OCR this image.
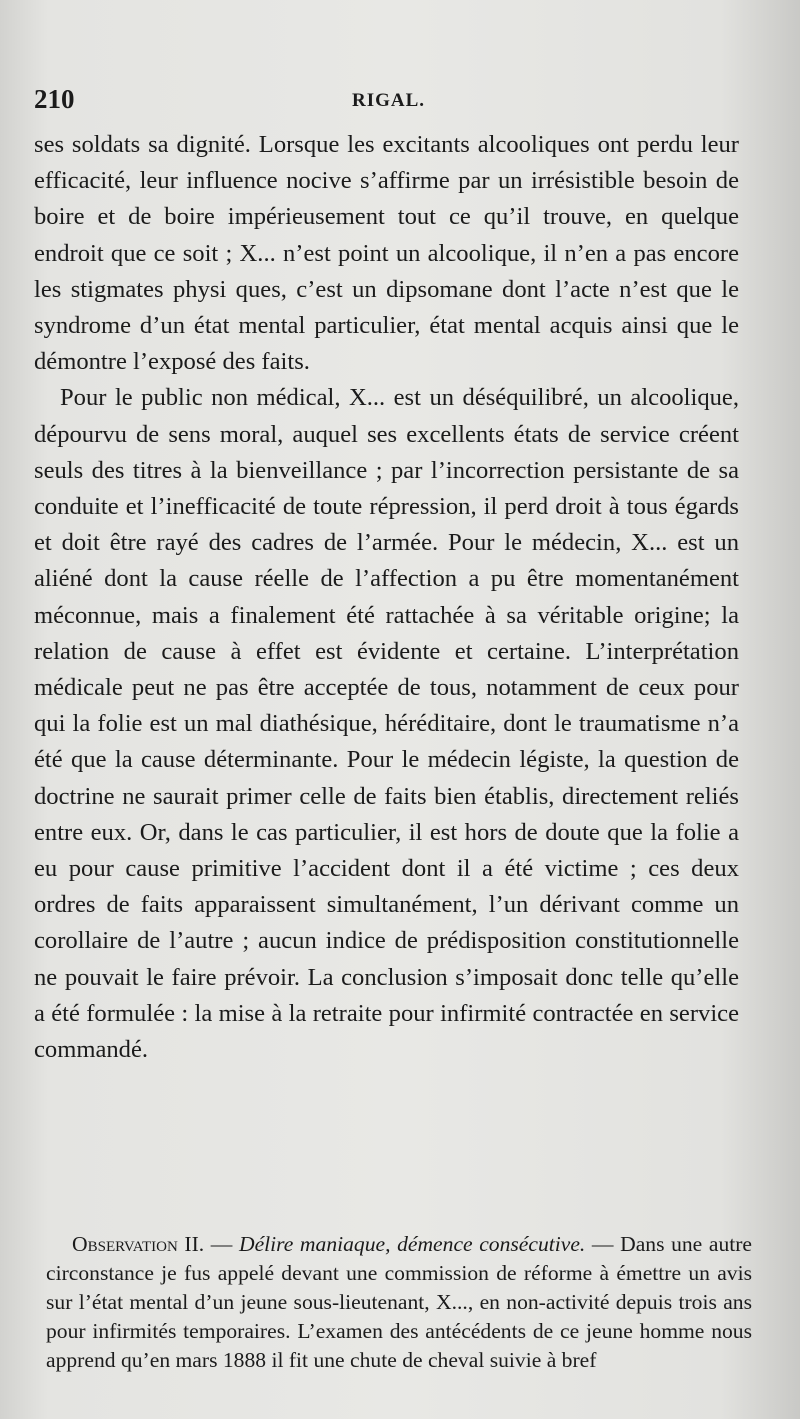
210	RIGAL.

ses soldats sa dignité. Lorsque les excitants alcooliques ont perdu leur efficacité, leur influence nocive s’affirme par un irrésistible besoin de boire et de boire impérieusement tout ce qu’il trouve, en quelque endroit que ce soit ; X... n’est point un alcoolique, il n’en a pas encore les stigmates physi ques, c’est un dipsomane dont l’acte n’est que le syndrome d’un état mental particulier, état mental acquis ainsi que le démontre l’exposé des faits.

Pour le public non médical, X... est un déséquilibré, un alcoolique, dépourvu de sens moral, auquel ses excellents états de service créent seuls des titres à la bienveillance ; par l’incorrection persistante de sa conduite et l’inefficacité de toute répression, il perd droit à tous égards et doit être rayé des cadres de l’armée. Pour le médecin, X... est un aliéné dont la cause réelle de l’affection a pu être momentanément méconnue, mais a finalement été rattachée à sa véritable origine; la relation de cause à effet est évidente et certaine. L’interprétation médicale peut ne pas être acceptée de tous, notamment de ceux pour qui la folie est un mal diathésique, héréditaire, dont le traumatisme n’a été que la cause déterminante. Pour le médecin légiste, la question de doctrine ne saurait primer celle de faits bien établis, directement reliés entre eux. Or, dans le cas particulier, il est hors de doute que la folie a eu pour cause primitive l’accident dont il a été victime ; ces deux ordres de faits apparaissent simultanément, l’un dérivant comme un corollaire de l’autre ; aucun indice de prédisposition constitutionnelle ne pouvait le faire prévoir. La conclusion s’imposait donc telle qu’elle a été formulée : la mise à la retraite pour infirmité contractée en service commandé.

Observation II. — Délire maniaque, démence consécutive. — Dans une autre circonstance je fus appelé devant une commission de réforme à émettre un avis sur l’état mental d’un jeune sous-lieutenant, X..., en non-activité depuis trois ans pour infirmités temporaires. L’examen des antécédents de ce jeune homme nous apprend qu’en mars 1888 il fit une chute de cheval suivie à bref
